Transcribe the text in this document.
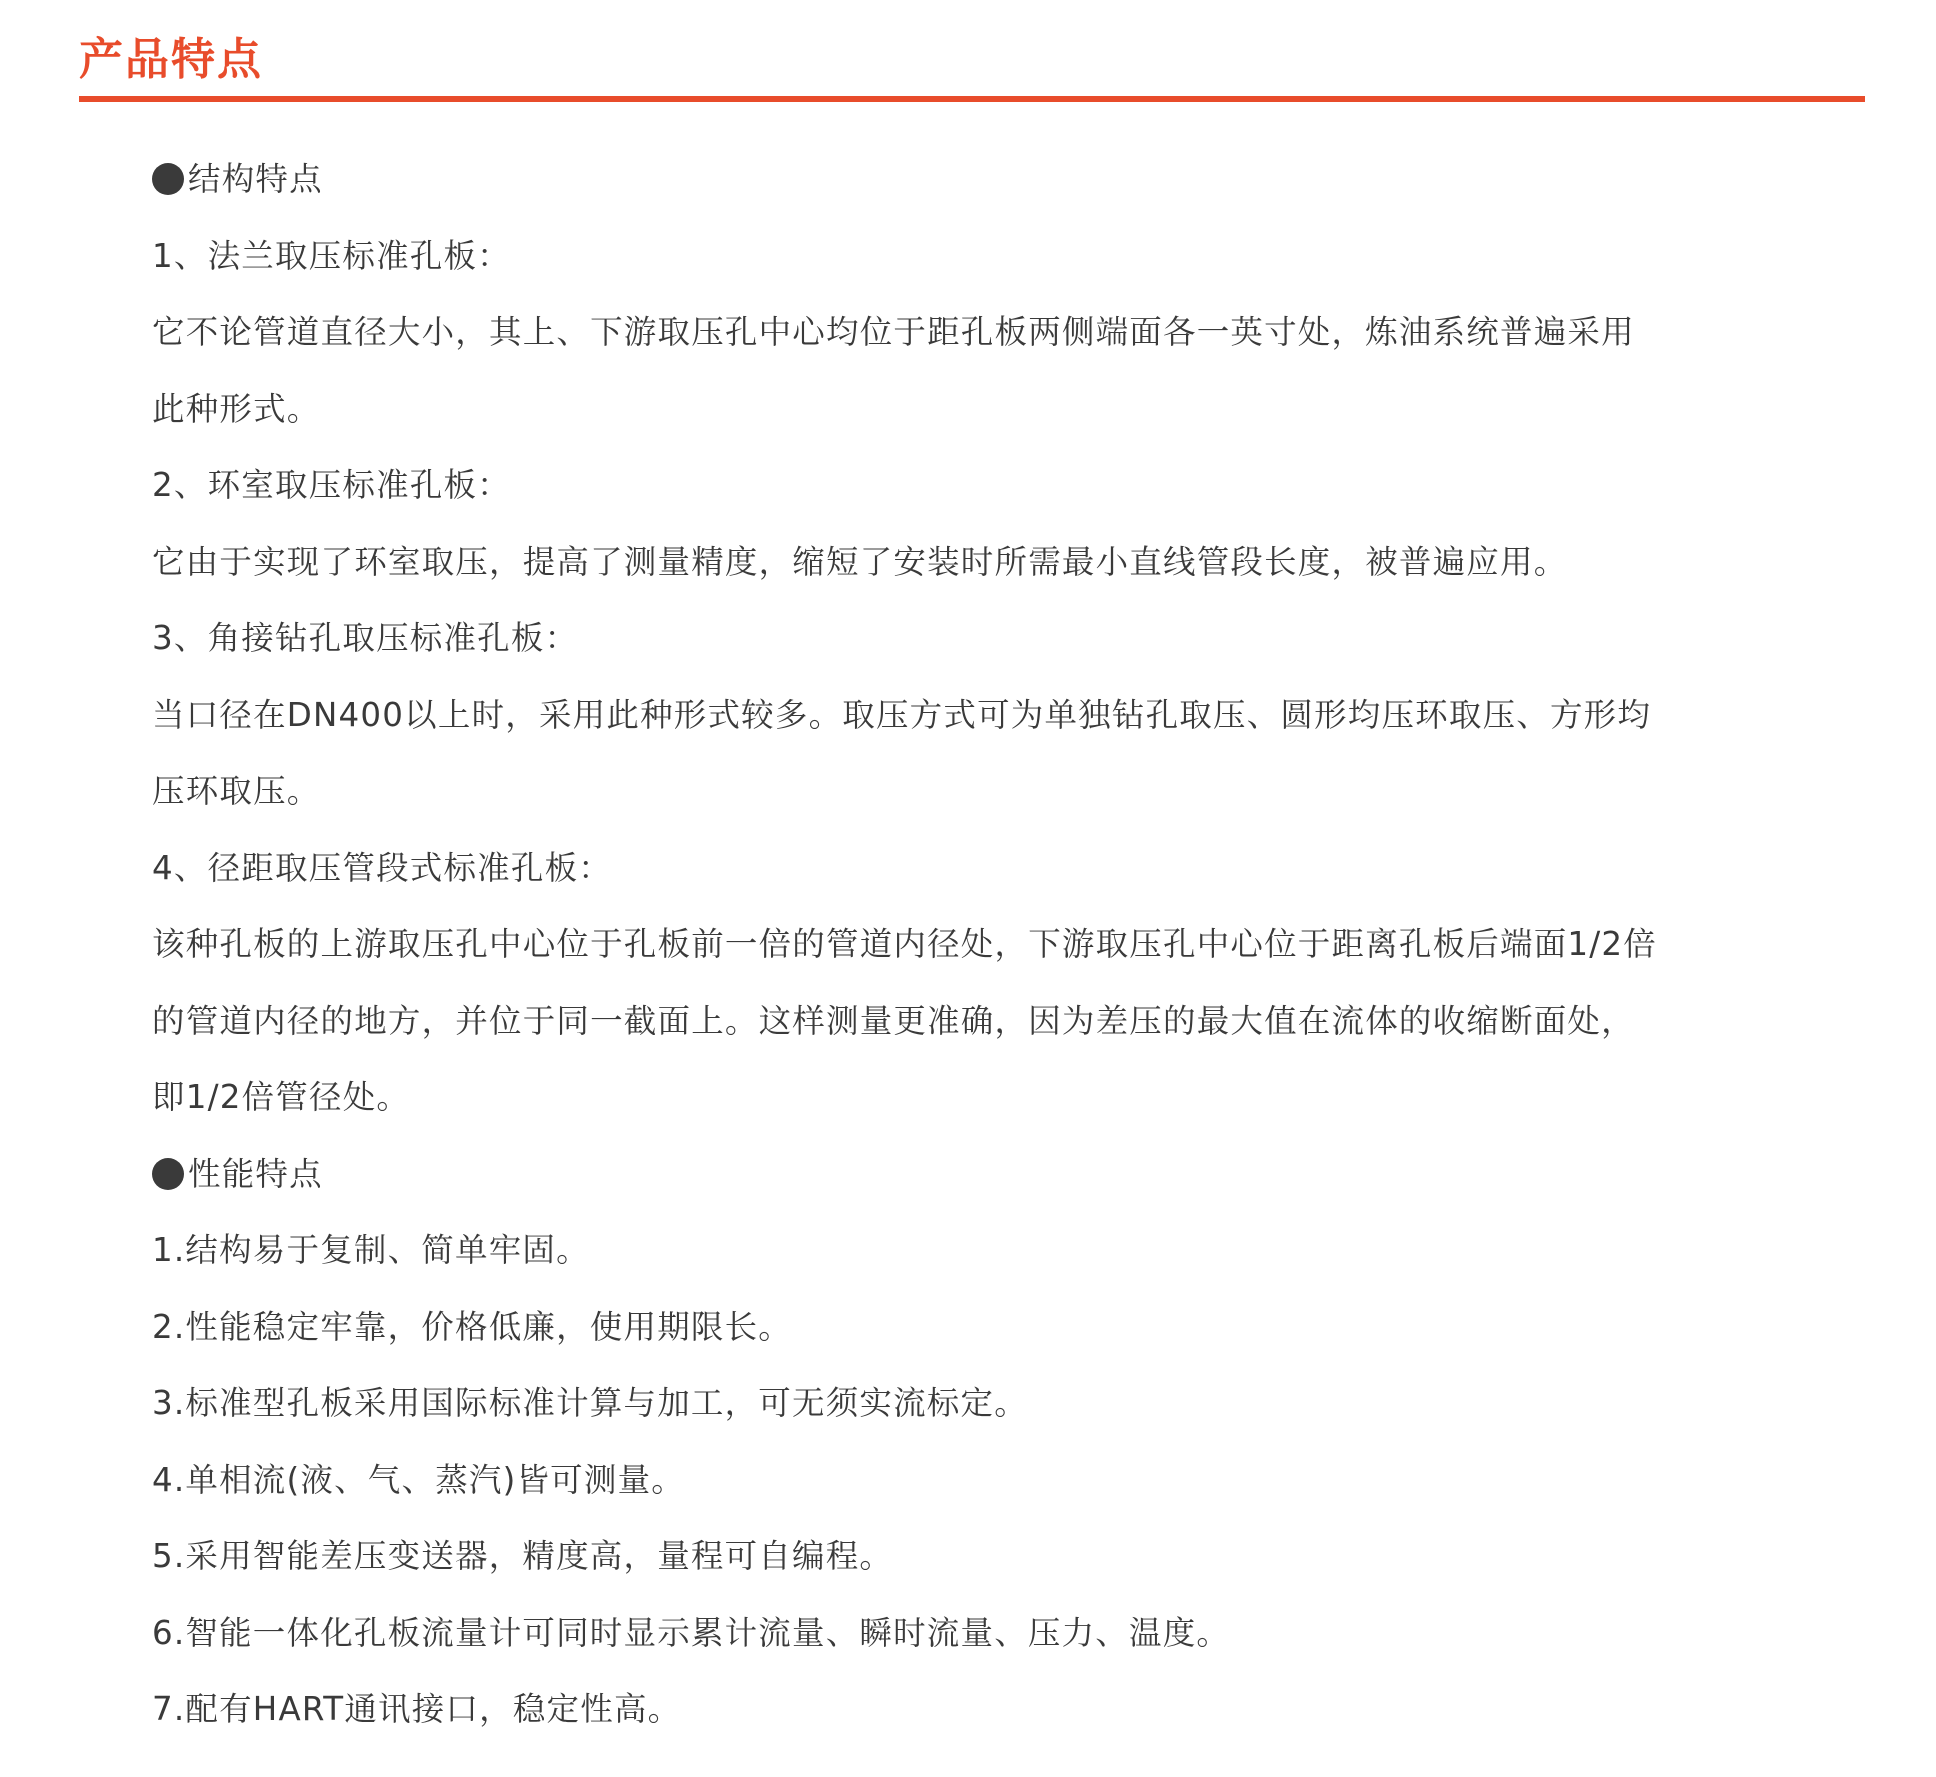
产品特点
结构特点
1、法兰取压标准孔板：
它不论管道直径大小，其上、下游取压孔中心均位于距孔板两侧端面各一英寸处，炼油系统普遍采用
此种形式。
2、环室取压标准孔板：
它由于实现了环室取压，提高了测量精度，缩短了安装时所需最小直线管段长度，被普遍应用。
3、角接钻孔取压标准孔板：
当口径在DN400以上时，采用此种形式较多。取压方式可为单独钻孔取压、圆形均压环取压、方形均
压环取压。
4、径距取压管段式标准孔板：
该种孔板的上游取压孔中心位于孔板前一倍的管道内径处，下游取压孔中心位于距离孔板后端面1/2倍
的管道内径的地方，并位于同一截面上。这样测量更准确，因为差压的最大值在流体的收缩断面处，
即1/2倍管径处。
性能特点
1.结构易于复制、简单牢固。
2.性能稳定牢靠，价格低廉，使用期限长。
3.标准型孔板采用国际标准计算与加工，可无须实流标定。
4.单相流(液、气、蒸汽)皆可测量。
5.采用智能差压变送器，精度高，量程可自编程。
6.智能一体化孔板流量计可同时显示累计流量、瞬时流量、压力、温度。
7.配有HART通讯接口，稳定性高。
